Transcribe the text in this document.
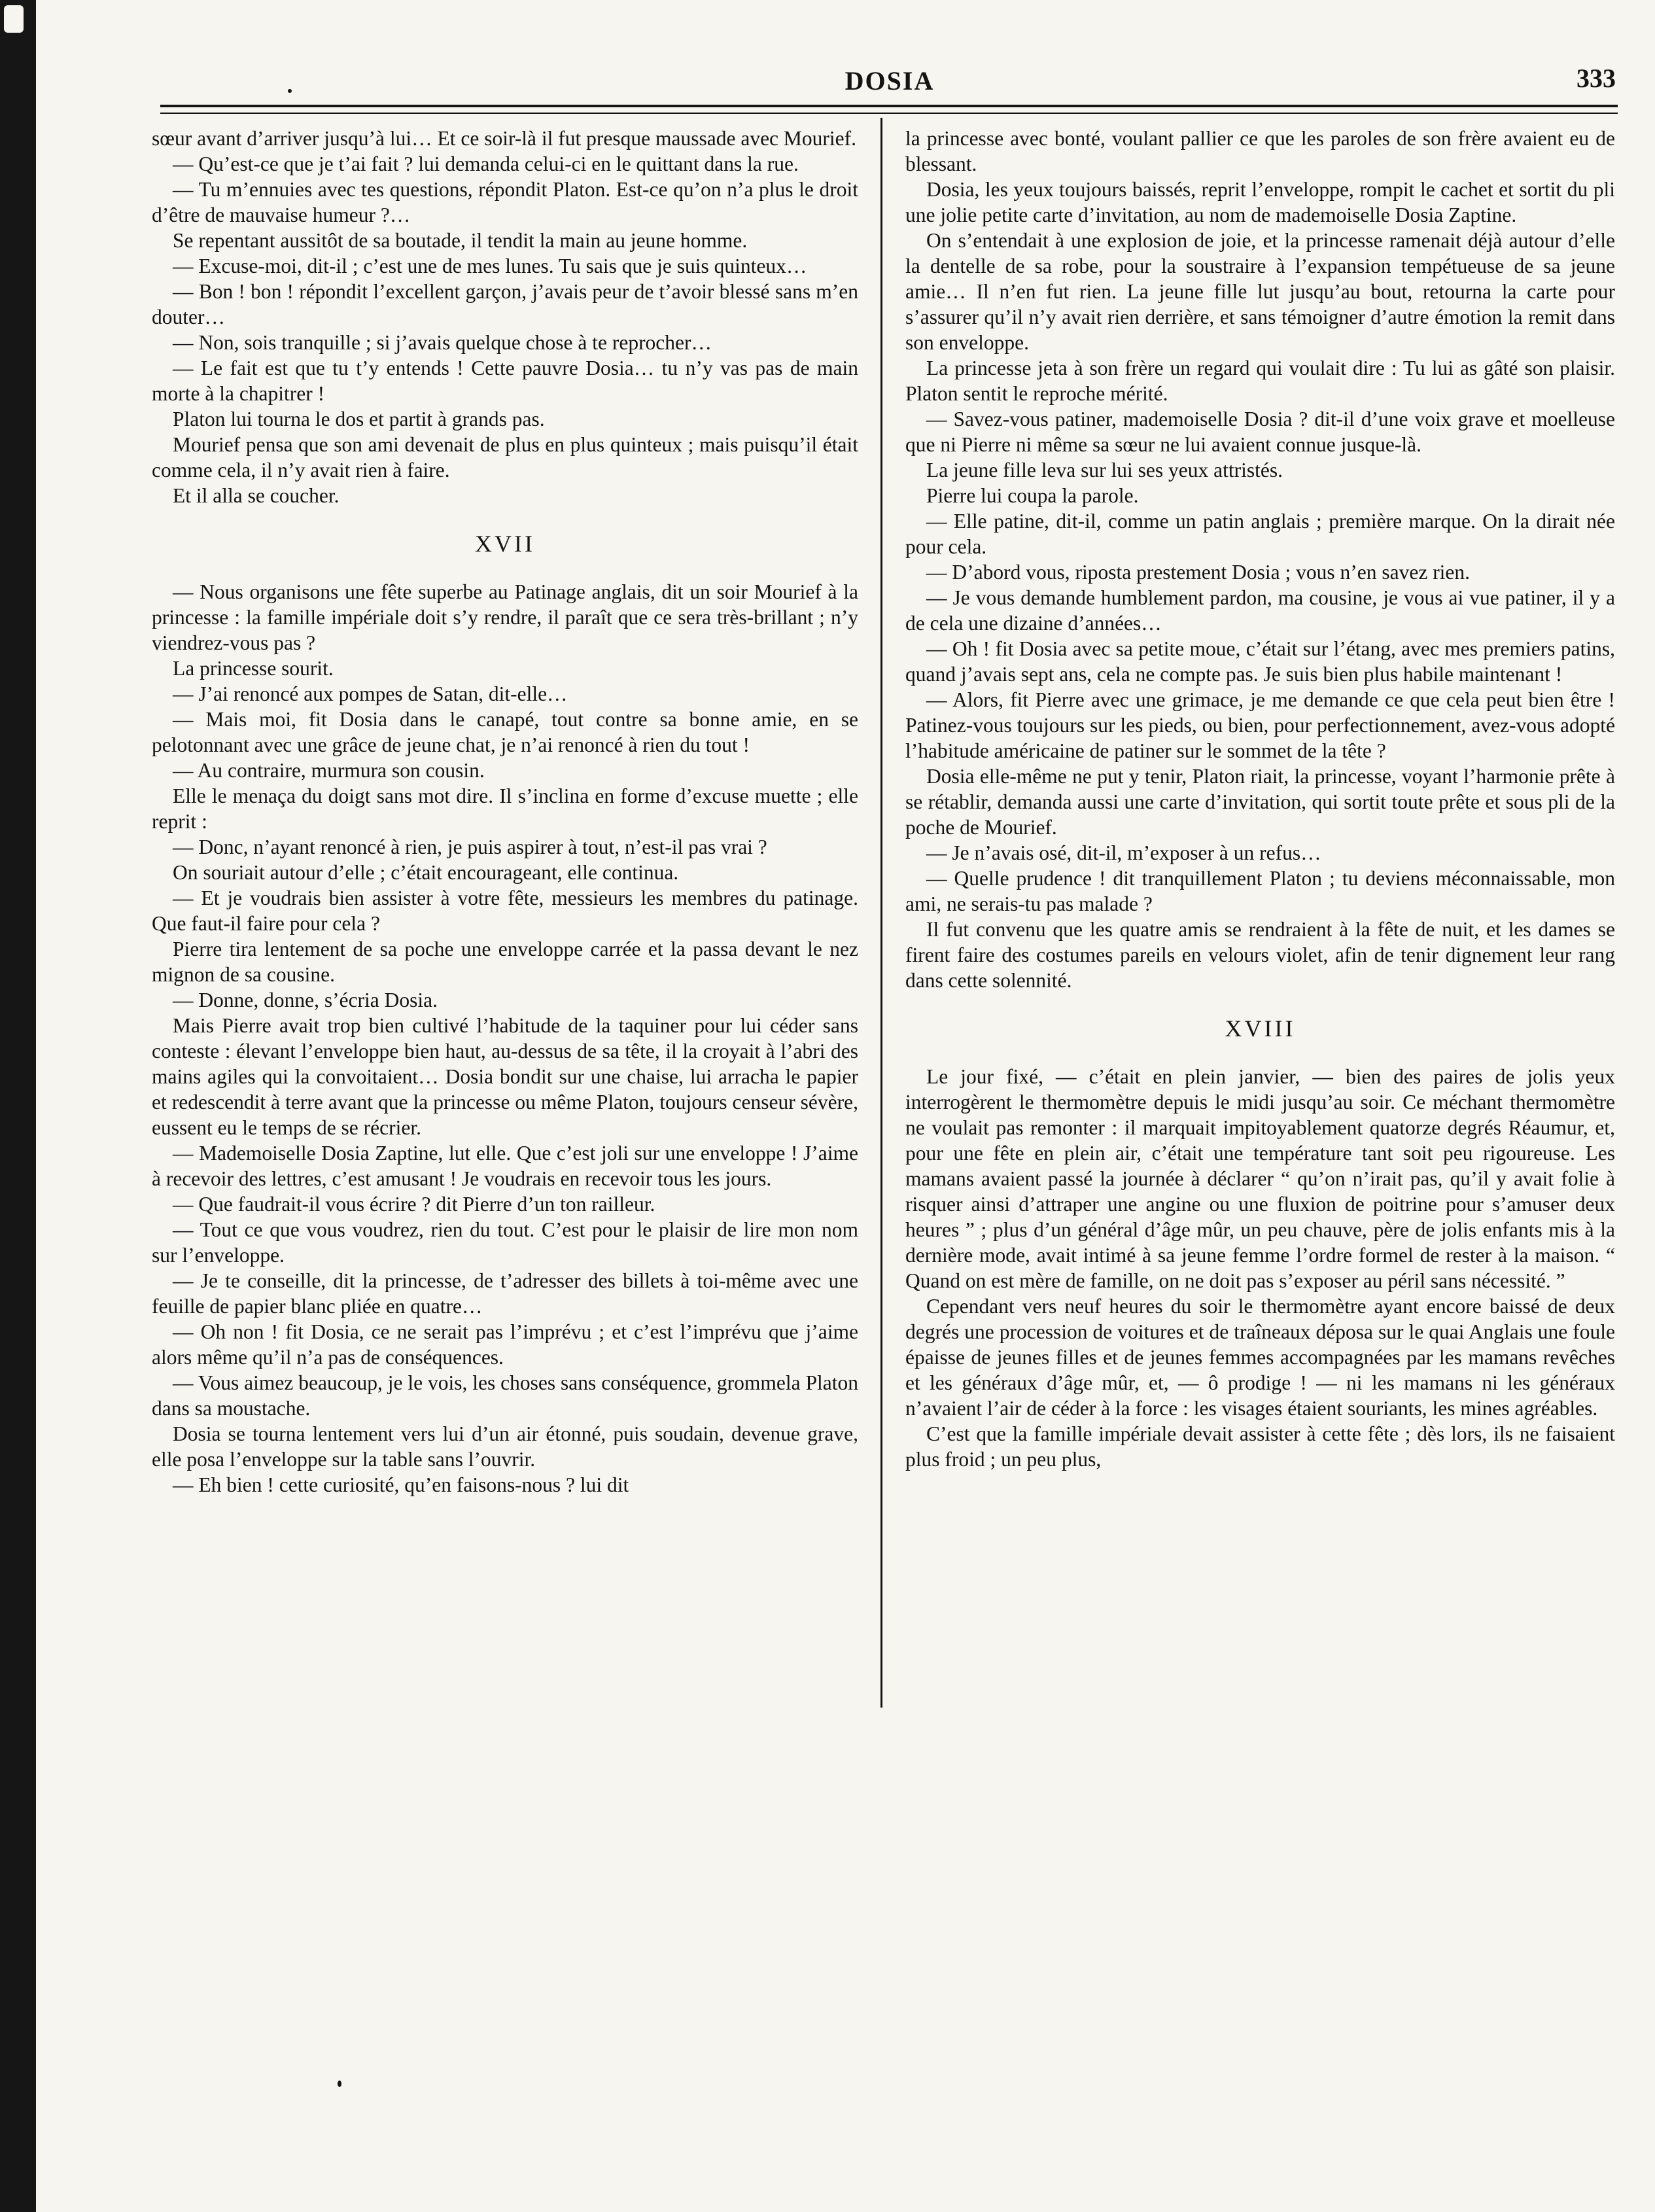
DOSIA	333

sœur avant d’arriver jusqu’à lui… Et ce soir-là il fut presque maussade avec Mourief.

— Qu’est-ce que je t’ai fait ? lui demanda celui-ci en le quittant dans la rue.

— Tu m’ennuies avec tes questions, répondit Platon. Est-ce qu’on n’a plus le droit d’être de mauvaise humeur ?…

Se repentant aussitôt de sa boutade, il tendit la main au jeune homme.

— Excuse-moi, dit-il ; c’est une de mes lunes. Tu sais que je suis quinteux…

— Bon ! bon ! répondit l’excellent garçon, j’avais peur de t’avoir blessé sans m’en douter…

— Non, sois tranquille ; si j’avais quelque chose à te reprocher…

— Le fait est que tu t’y entends ! Cette pauvre Dosia… tu n’y vas pas de main morte à la chapitrer !

Platon lui tourna le dos et partit à grands pas.

Mourief pensa que son ami devenait de plus en plus quinteux ; mais puisqu’il était comme cela, il n’y avait rien à faire.

Et il alla se coucher.

XVII

— Nous organisons une fête superbe au Patinage anglais, dit un soir Mourief à la princesse : la famille impériale doit s’y rendre, il paraît que ce sera très-brillant ; n’y viendrez-vous pas ?

La princesse sourit.

— J’ai renoncé aux pompes de Satan, dit-elle…

— Mais moi, fit Dosia dans le canapé, tout contre sa bonne amie, en se pelotonnant avec une grâce de jeune chat, je n’ai renoncé à rien du tout !

— Au contraire, murmura son cousin.

Elle le menaça du doigt sans mot dire. Il s’inclina en forme d’excuse muette ; elle reprit :

— Donc, n’ayant renoncé à rien, je puis aspirer à tout, n’est-il pas vrai ?

On souriait autour d’elle ; c’était encourageant, elle continua.

— Et je voudrais bien assister à votre fête, messieurs les membres du patinage. Que faut-il faire pour cela ?

Pierre tira lentement de sa poche une enveloppe carrée et la passa devant le nez mignon de sa cousine.

— Donne, donne, s’écria Dosia.

Mais Pierre avait trop bien cultivé l’habitude de la taquiner pour lui céder sans conteste : élevant l’enveloppe bien haut, au-dessus de sa tête, il la croyait à l’abri des mains agiles qui la convoitaient… Dosia bondit sur une chaise, lui arracha le papier et redescendit à terre avant que la princesse ou même Platon, toujours censeur sévère, eussent eu le temps de se récrier.

— Mademoiselle Dosia Zaptine, lut elle. Que c’est joli sur une enveloppe ! J’aime à recevoir des lettres, c’est amusant ! Je voudrais en recevoir tous les jours.

— Que faudrait-il vous écrire ? dit Pierre d’un ton railleur.

— Tout ce que vous voudrez, rien du tout. C’est pour le plaisir de lire mon nom sur l’enveloppe.

— Je te conseille, dit la princesse, de t’adresser des billets à toi-même avec une feuille de papier blanc pliée en quatre…

— Oh non ! fit Dosia, ce ne serait pas l’imprévu ; et c’est l’imprévu que j’aime alors même qu’il n’a pas de conséquences.

— Vous aimez beaucoup, je le vois, les choses sans conséquence, grommela Platon dans sa moustache.

Dosia se tourna lentement vers lui d’un air étonné, puis soudain, devenue grave, elle posa l’enveloppe sur la table sans l’ouvrir.

— Eh bien ! cette curiosité, qu’en faisons-nous ? lui dit

la princesse avec bonté, voulant pallier ce que les paroles de son frère avaient eu de blessant.

Dosia, les yeux toujours baissés, reprit l’enveloppe, rompit le cachet et sortit du pli une jolie petite carte d’invitation, au nom de mademoiselle Dosia Zaptine.

On s’entendait à une explosion de joie, et la princesse ramenait déjà autour d’elle la dentelle de sa robe, pour la soustraire à l’expansion tempétueuse de sa jeune amie… Il n’en fut rien. La jeune fille lut jusqu’au bout, retourna la carte pour s’assurer qu’il n’y avait rien derrière, et sans témoigner d’autre émotion la remit dans son enveloppe.

La princesse jeta à son frère un regard qui voulait dire : Tu lui as gâté son plaisir. Platon sentit le reproche mérité.

— Savez-vous patiner, mademoiselle Dosia ? dit-il d’une voix grave et moelleuse que ni Pierre ni même sa sœur ne lui avaient connue jusque-là.

La jeune fille leva sur lui ses yeux attristés.

Pierre lui coupa la parole.

— Elle patine, dit-il, comme un patin anglais ; première marque. On la dirait née pour cela.

— D’abord vous, riposta prestement Dosia ; vous n’en savez rien.

— Je vous demande humblement pardon, ma cousine, je vous ai vue patiner, il y a de cela une dizaine d’années…

— Oh ! fit Dosia avec sa petite moue, c’était sur l’étang, avec mes premiers patins, quand j’avais sept ans, cela ne compte pas. Je suis bien plus habile maintenant !

— Alors, fit Pierre avec une grimace, je me demande ce que cela peut bien être ! Patinez-vous toujours sur les pieds, ou bien, pour perfectionnement, avez-vous adopté l’habitude américaine de patiner sur le sommet de la tête ?

Dosia elle-même ne put y tenir, Platon riait, la princesse, voyant l’harmonie prête à se rétablir, demanda aussi une carte d’invitation, qui sortit toute prête et sous pli de la poche de Mourief.

— Je n’avais osé, dit-il, m’exposer à un refus…

— Quelle prudence ! dit tranquillement Platon ; tu deviens méconnaissable, mon ami, ne serais-tu pas malade ?

Il fut convenu que les quatre amis se rendraient à la fête de nuit, et les dames se firent faire des costumes pareils en velours violet, afin de tenir dignement leur rang dans cette solennité.

XVIII

Le jour fixé, — c’était en plein janvier, — bien des paires de jolis yeux interrogèrent le thermomètre depuis le midi jusqu’au soir. Ce méchant thermomètre ne voulait pas remonter : il marquait impitoyablement quatorze degrés Réaumur, et, pour une fête en plein air, c’était une température tant soit peu rigoureuse. Les mamans avaient passé la journée à déclarer “ qu’on n’irait pas, qu’il y avait folie à risquer ainsi d’attraper une angine ou une fluxion de poitrine pour s’amuser deux heures ” ; plus d’un général d’âge mûr, un peu chauve, père de jolis enfants mis à la dernière mode, avait intimé à sa jeune femme l’ordre formel de rester à la maison. “ Quand on est mère de famille, on ne doit pas s’exposer au péril sans nécessité. ”

Cependant vers neuf heures du soir le thermomètre ayant encore baissé de deux degrés une procession de voitures et de traîneaux déposa sur le quai Anglais une foule épaisse de jeunes filles et de jeunes femmes accompagnées par les mamans revêches et les généraux d’âge mûr, et, — ô prodige ! — ni les mamans ni les généraux n’avaient l’air de céder à la force : les visages étaient souriants, les mines agréables.

C’est que la famille impériale devait assister à cette fête ; dès lors, ils ne faisaient plus froid ; un peu plus,
